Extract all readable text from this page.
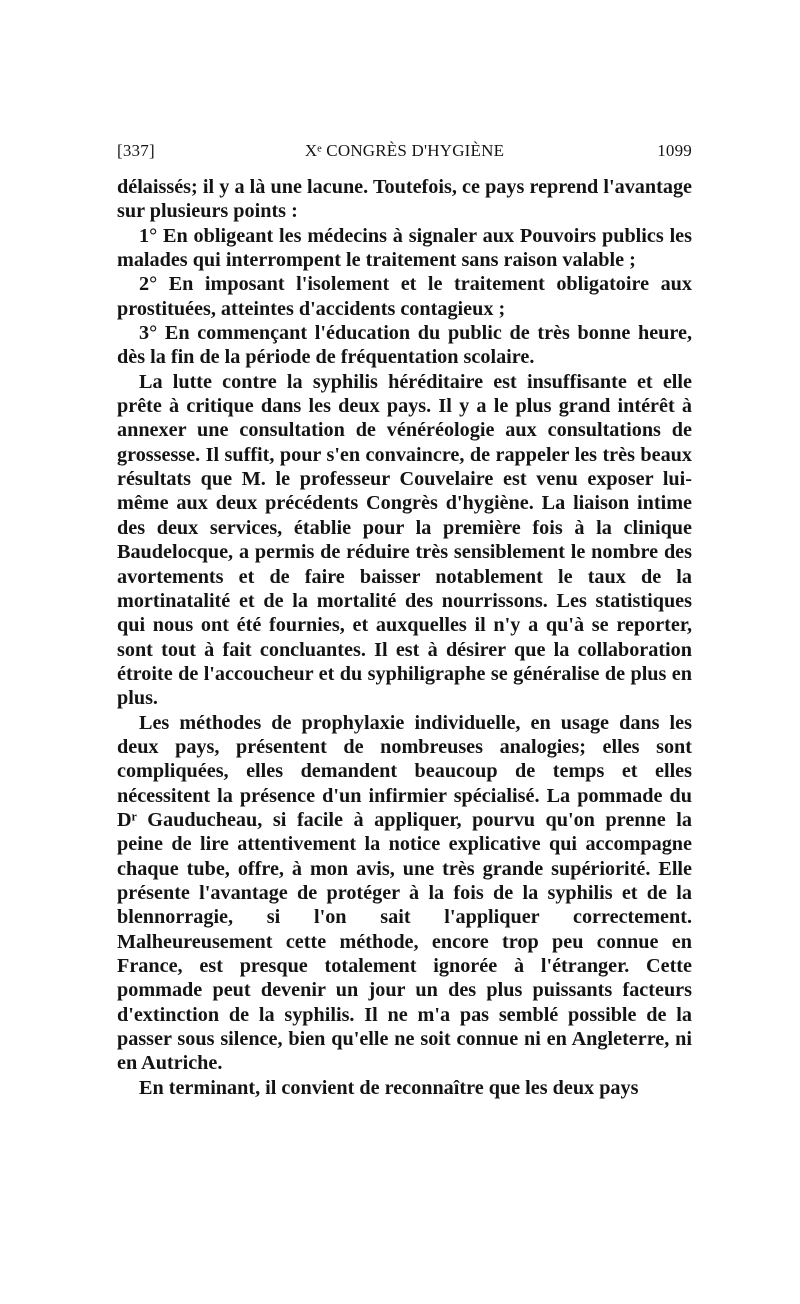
[337]	Xᵉ CONGRÈS D'HYGIÈNE	1099

délaissés; il y a là une lacune. Toutefois, ce pays reprend l'avantage sur plusieurs points :

1° En obligeant les médecins à signaler aux Pouvoirs publics les malades qui interrompent le traitement sans raison valable ;

2° En imposant l'isolement et le traitement obligatoire aux prostituées, atteintes d'accidents contagieux ;

3° En commençant l'éducation du public de très bonne heure, dès la fin de la période de fréquentation scolaire.

La lutte contre la syphilis héréditaire est insuffisante et elle prête à critique dans les deux pays. Il y a le plus grand intérêt à annexer une consultation de vénéréologie aux consultations de grossesse. Il suffit, pour s'en convaincre, de rappeler les très beaux résultats que M. le professeur Couvelaire est venu exposer lui-même aux deux précédents Congrès d'hygiène. La liaison intime des deux services, établie pour la première fois à la clinique Baudelocque, a permis de réduire très sensiblement le nombre des avortements et de faire baisser notablement le taux de la mortinatalité et de la mortalité des nourrissons. Les statistiques qui nous ont été fournies, et auxquelles il n'y a qu'à se reporter, sont tout à fait concluantes. Il est à désirer que la collaboration étroite de l'accoucheur et du syphiligraphe se généralise de plus en plus.

Les méthodes de prophylaxie individuelle, en usage dans les deux pays, présentent de nombreuses analogies; elles sont compliquées, elles demandent beaucoup de temps et elles nécessitent la présence d'un infirmier spécialisé. La pommade du Dʳ Gauducheau, si facile à appliquer, pourvu qu'on prenne la peine de lire attentivement la notice explicative qui accompagne chaque tube, offre, à mon avis, une très grande supériorité. Elle présente l'avantage de protéger à la fois de la syphilis et de la blennorragie, si l'on sait l'appliquer correctement. Malheureusement cette méthode, encore trop peu connue en France, est presque totalement ignorée à l'étranger. Cette pommade peut devenir un jour un des plus puissants facteurs d'extinction de la syphilis. Il ne m'a pas semblé possible de la passer sous silence, bien qu'elle ne soit connue ni en Angleterre, ni en Autriche.

En terminant, il convient de reconnaître que les deux pays
